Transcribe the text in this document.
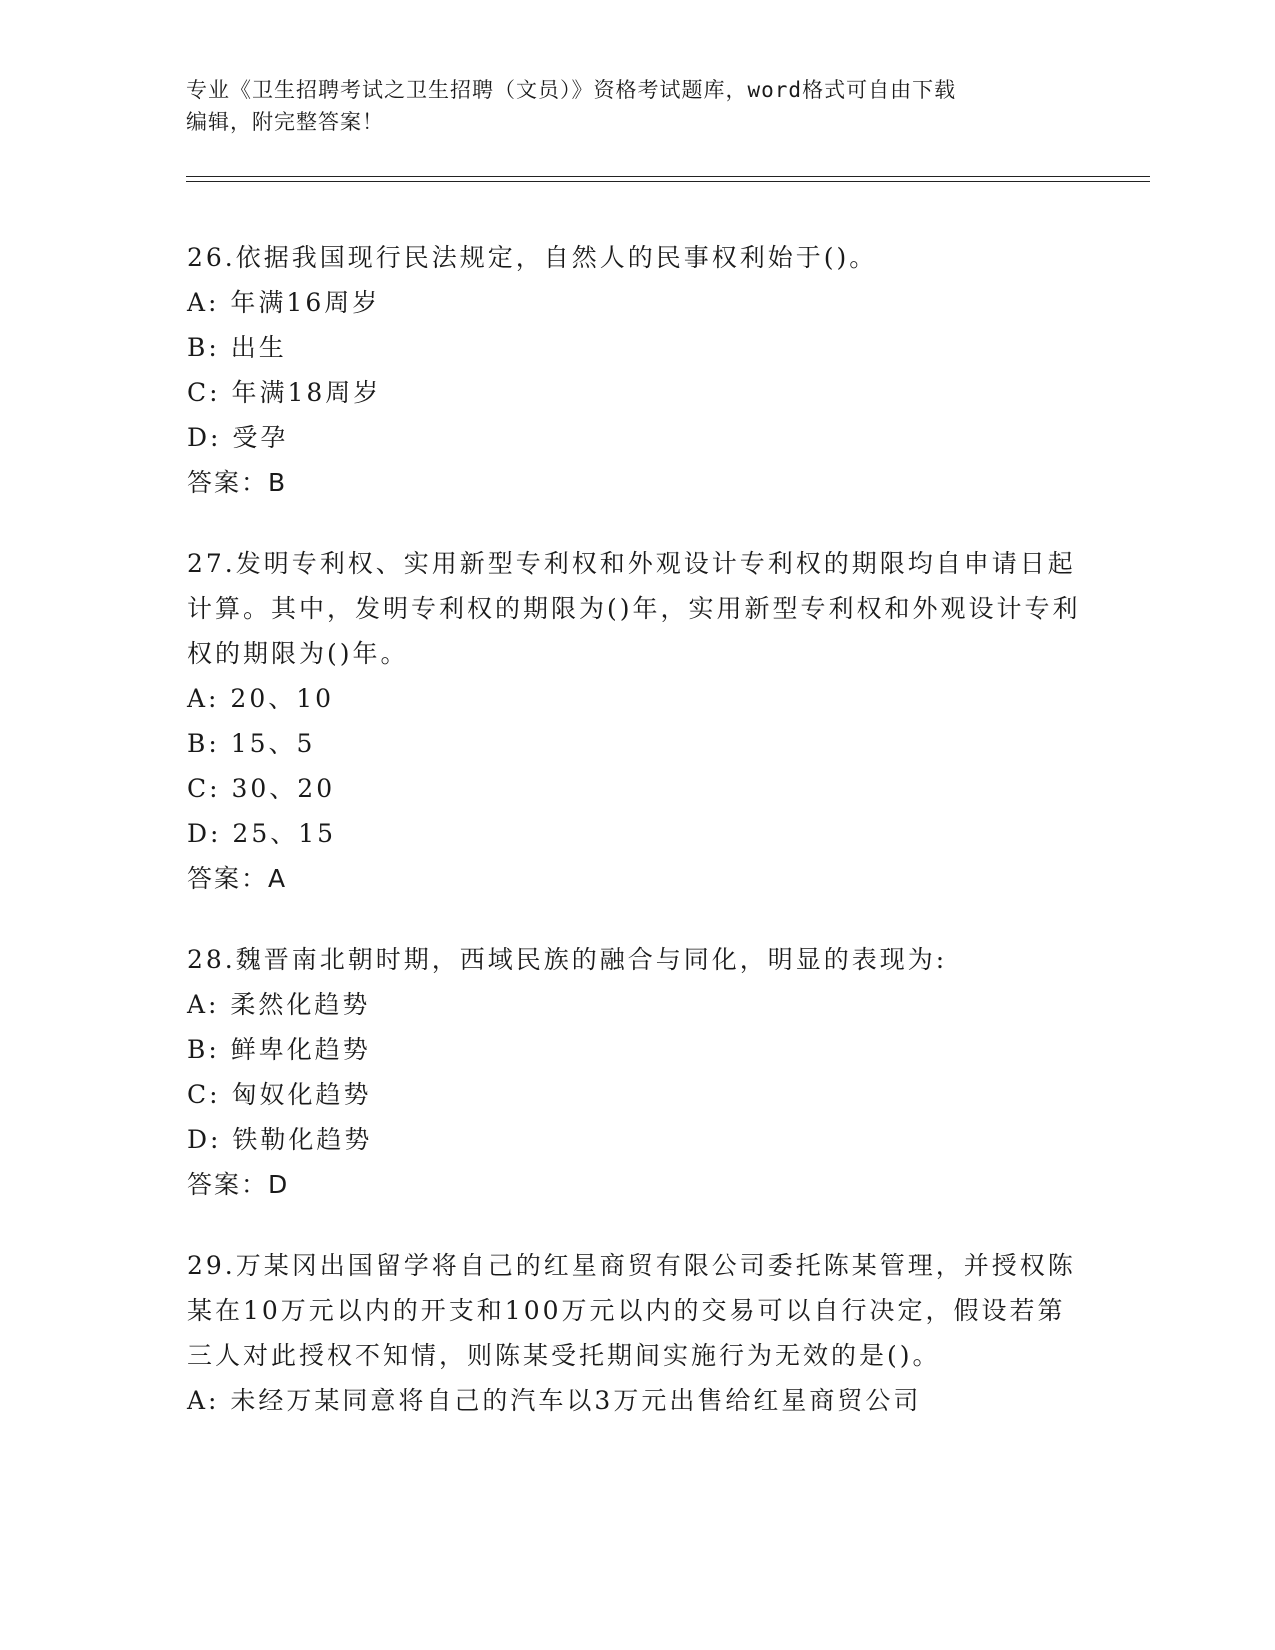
专业《卫生招聘考试之卫生招聘（文员）》资格考试题库，word格式可自由下载
编辑，附完整答案！

26.依据我国现行民法规定，自然人的民事权利始于()。

A: 年满16周岁

B: 出生

C: 年满18周岁

D: 受孕

答案：B

27.发明专利权、实用新型专利权和外观设计专利权的期限均自申请日起计算。其中，发明专利权的期限为()年，实用新型专利权和外观设计专利权的期限为()年。

A: 20、10

B: 15、5

C: 30、20

D: 25、15

答案：A

28.魏晋南北朝时期，西域民族的融合与同化，明显的表现为:

A: 柔然化趋势

B: 鲜卑化趋势

C: 匈奴化趋势

D: 铁勒化趋势

答案：D

29.万某冈出国留学将自己的红星商贸有限公司委托陈某管理，并授权陈某在10万元以内的开支和100万元以内的交易可以自行决定，假设若第三人对此授权不知情，则陈某受托期间实施行为无效的是()。

A: 未经万某同意将自己的汽车以3万元出售给红星商贸公司
